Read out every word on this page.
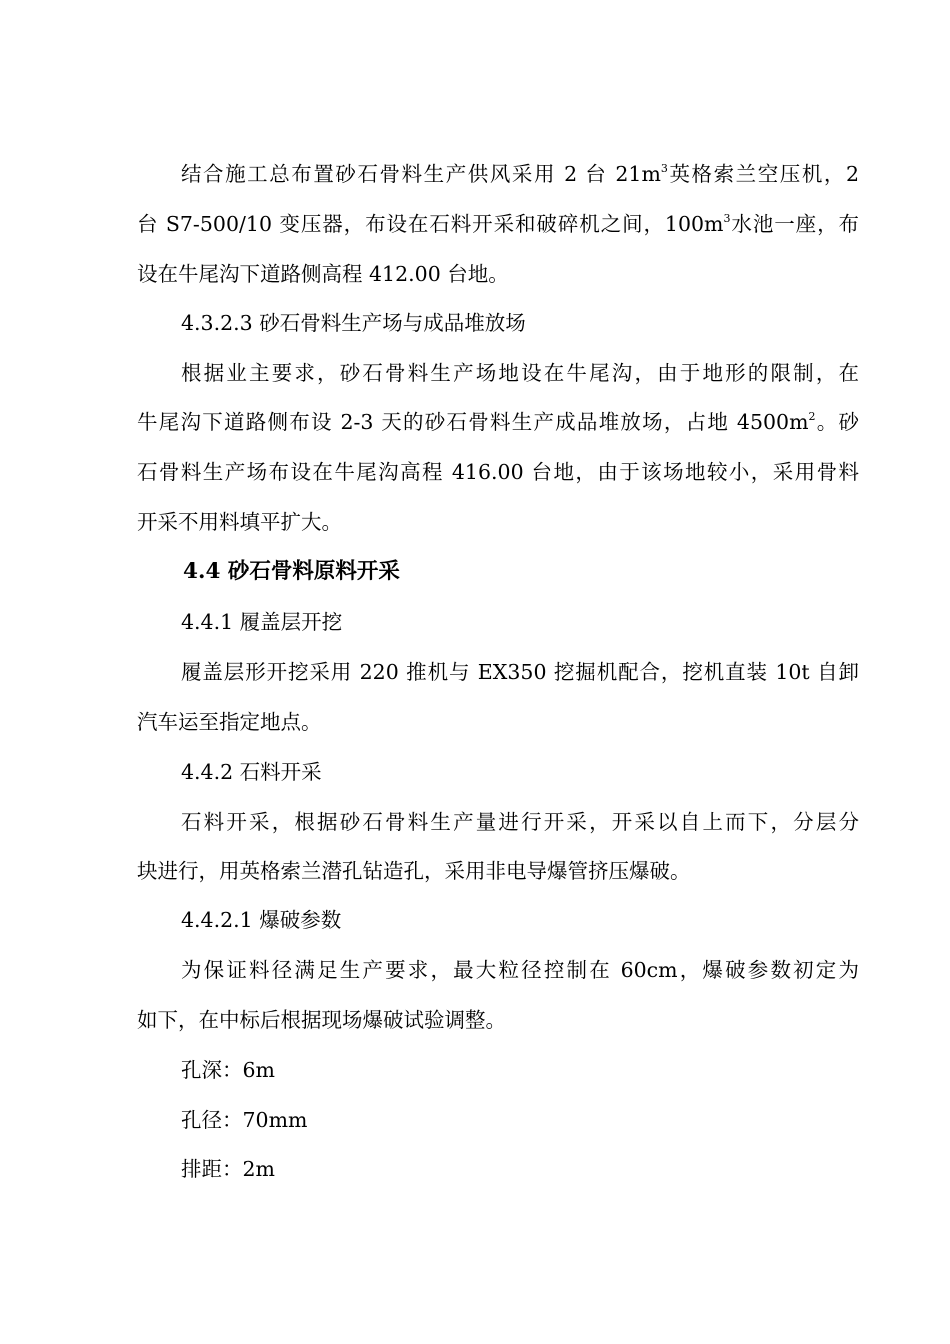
结合施工总布置砂石骨料生产供风采用 2 台 $21m^3$英格索兰空压机，2
台 S7-500/10 变压器，布设在石料开采和破碎机之间，$100m^3$水池一座，布
设在牛尾沟下道路侧高程 412.00 台地。
4.3.2.3 砂石骨料生产场与成品堆放场
根据业主要求，砂石骨料生产场地设在牛尾沟，由于地形的限制，在
牛尾沟下道路侧布设 2-3 天的砂石骨料生产成品堆放场，占地 $4500m^2$。砂
石骨料生产场布设在牛尾沟高程 416.00 台地，由于该场地较小，采用骨料
开采不用料填平扩大。
4.4 砂石骨料原料开采
4.4.1 履盖层开挖
履盖层形开挖采用 220 推机与 EX350 挖掘机配合，挖机直装 10t 自卸
汽车运至指定地点。
4.4.2 石料开采
石料开采，根据砂石骨料生产量进行开采，开采以自上而下，分层分
块进行，用英格索兰潜孔钻造孔，采用非电导爆管挤压爆破。
4.4.2.1 爆破参数
为保证料径满足生产要求，最大粒径控制在 60cm，爆破参数初定为
如下，在中标后根据现场爆破试验调整。
孔深：6m
孔径：70mm
排距：2m
